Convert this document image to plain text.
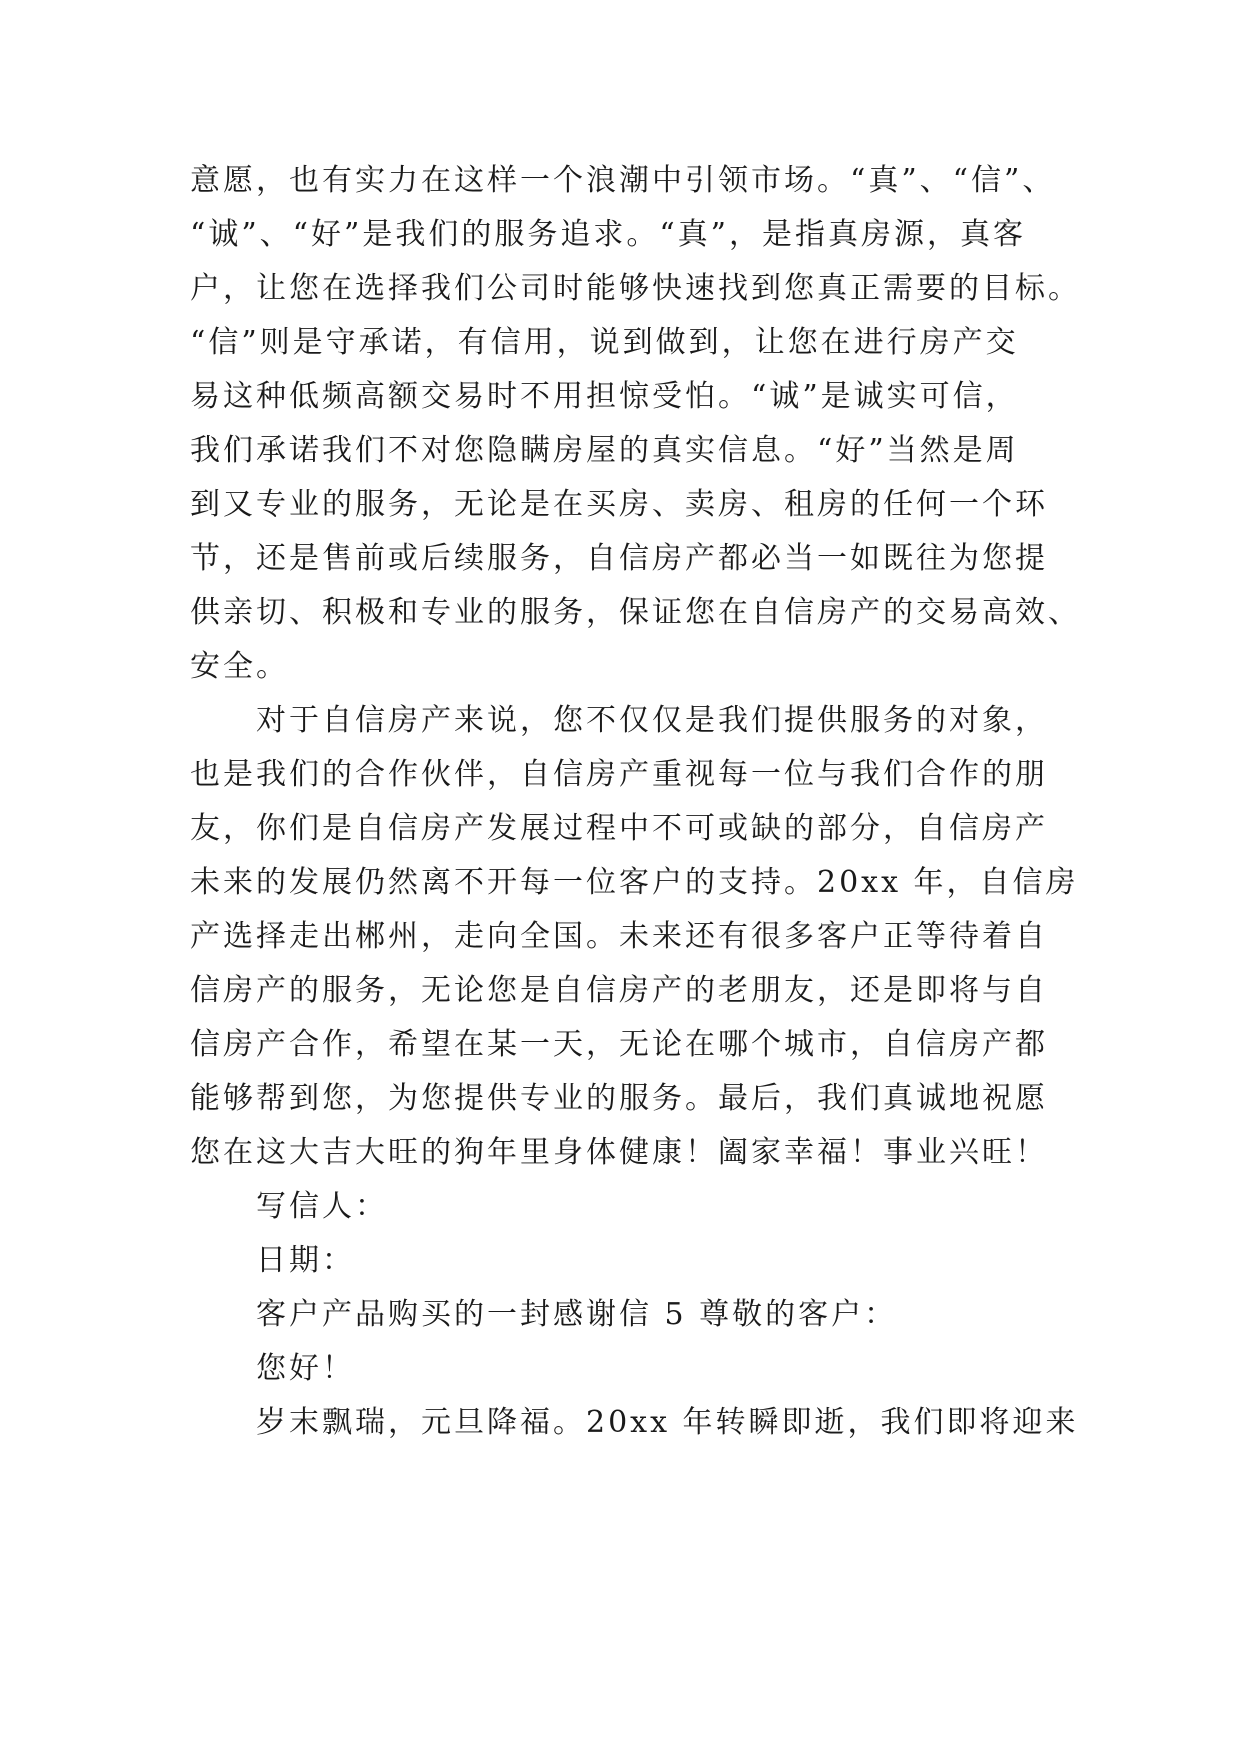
意愿，也有实力在这样一个浪潮中引领市场。“真”、“信”、
“诚”、“好”是我们的服务追求。“真”，是指真房源，真客
户，让您在选择我们公司时能够快速找到您真正需要的目标。
“信”则是守承诺，有信用，说到做到，让您在进行房产交
易这种低频高额交易时不用担惊受怕。“诚”是诚实可信，
我们承诺我们不对您隐瞒房屋的真实信息。“好”当然是周
到又专业的服务，无论是在买房、卖房、租房的任何一个环
节，还是售前或后续服务，自信房产都必当一如既往为您提
供亲切、积极和专业的服务，保证您在自信房产的交易高效、
安全。
对于自信房产来说，您不仅仅是我们提供服务的对象，
也是我们的合作伙伴，自信房产重视每一位与我们合作的朋
友，你们是自信房产发展过程中不可或缺的部分，自信房产
未来的发展仍然离不开每一位客户的支持。20xx 年，自信房
产选择走出郴州，走向全国。未来还有很多客户正等待着自
信房产的服务，无论您是自信房产的老朋友，还是即将与自
信房产合作，希望在某一天，无论在哪个城市，自信房产都
能够帮到您，为您提供专业的服务。最后，我们真诚地祝愿
您在这大吉大旺的狗年里身体健康！阖家幸福！事业兴旺！
写信人：
日期：
客户产品购买的一封感谢信 5 尊敬的客户：
您好！
岁末飘瑞，元旦降福。20xx 年转瞬即逝，我们即将迎来
